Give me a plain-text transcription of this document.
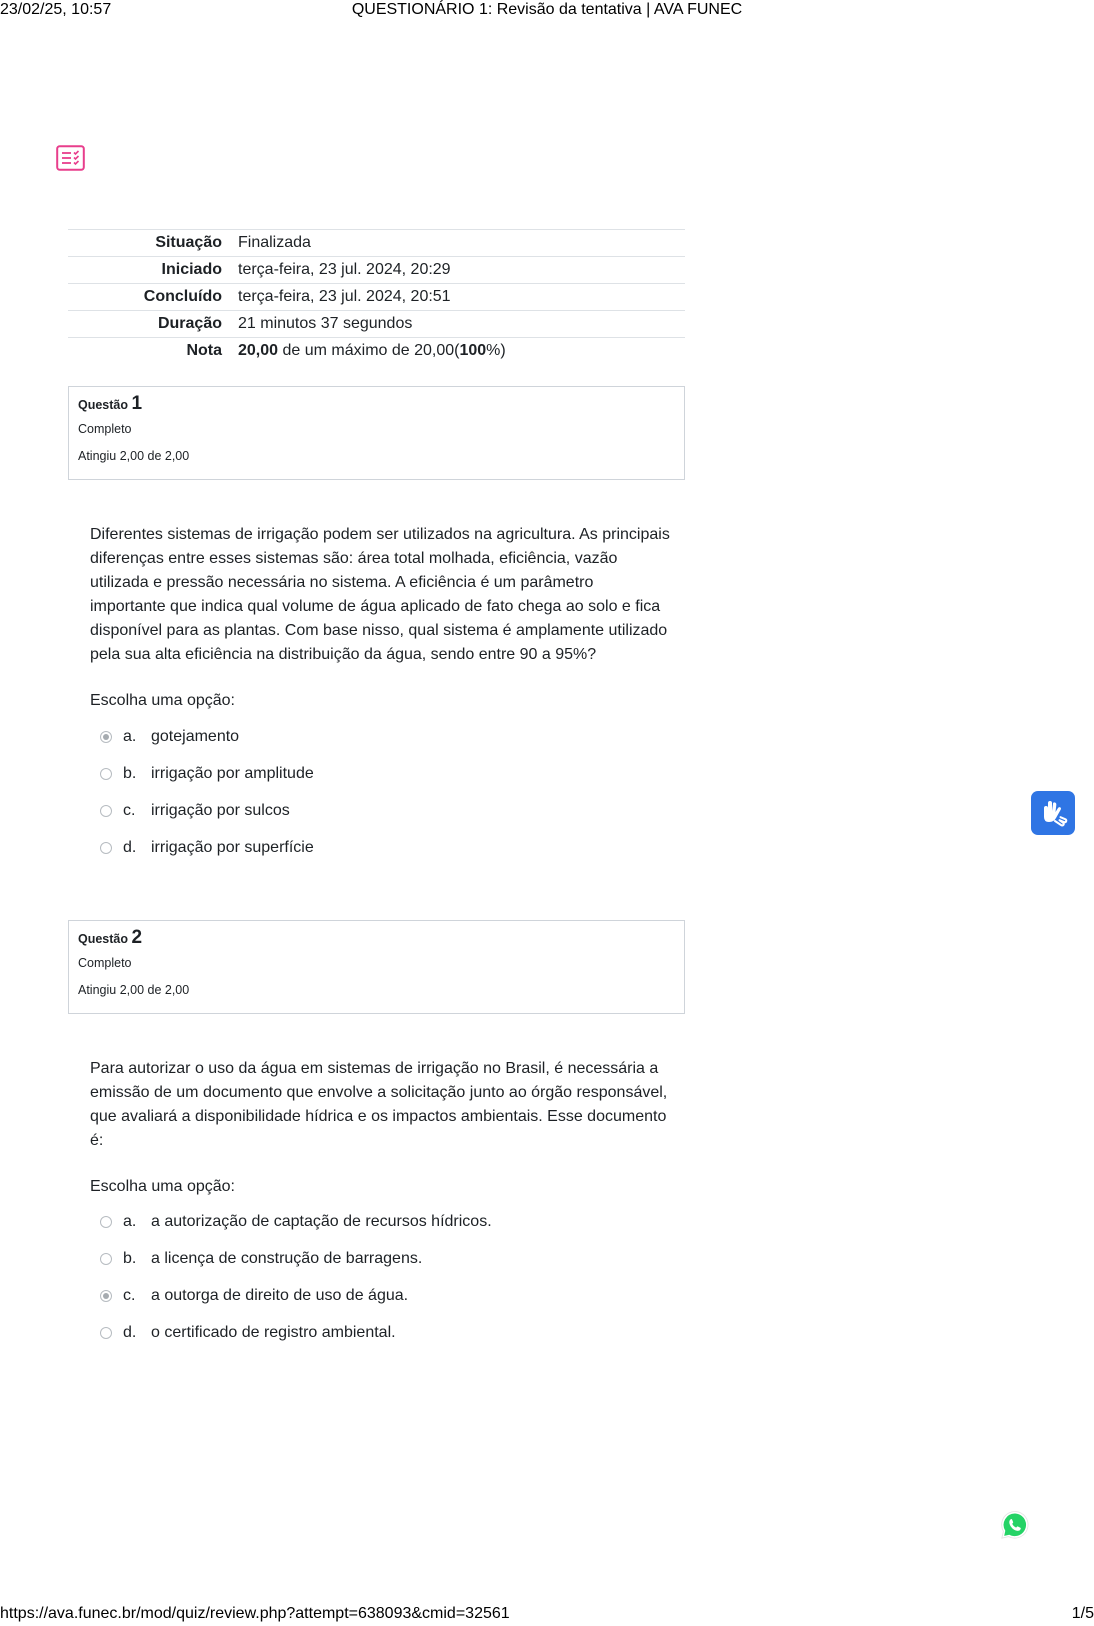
23/02/25, 10:57	QUESTIONÁRIO 1: Revisão da tentativa | AVA FUNEC
Situação	Finalizada
Iniciado	terça-feira, 23 jul. 2024, 20:29
Concluído	terça-feira, 23 jul. 2024, 20:51
Duração	21 minutos 37 segundos
Nota	20,00 de um máximo de 20,00(100%)
Questão 1
Completo
Atingiu 2,00 de 2,00
Diferentes sistemas de irrigação podem ser utilizados na agricultura. As principais diferenças entre esses sistemas são: área total molhada, eficiência, vazão utilizada e pressão necessária no sistema. A eficiência é um parâmetro importante que indica qual volume de água aplicado de fato chega ao solo e fica disponível para as plantas. Com base nisso, qual sistema é amplamente utilizado pela sua alta eficiência na distribuição da água, sendo entre 90 a 95%?
Escolha uma opção:
a. gotejamento
b. irrigação por amplitude
c. irrigação por sulcos
d. irrigação por superfície
Questão 2
Completo
Atingiu 2,00 de 2,00
Para autorizar o uso da água em sistemas de irrigação no Brasil, é necessária a emissão de um documento que envolve a solicitação junto ao órgão responsável, que avaliará a disponibilidade hídrica e os impactos ambientais. Esse documento é:
Escolha uma opção:
a. a autorização de captação de recursos hídricos.
b. a licença de construção de barragens.
c. a outorga de direito de uso de água.
d. o certificado de registro ambiental.
https://ava.funec.br/mod/quiz/review.php?attempt=638093&cmid=32561	1/5
